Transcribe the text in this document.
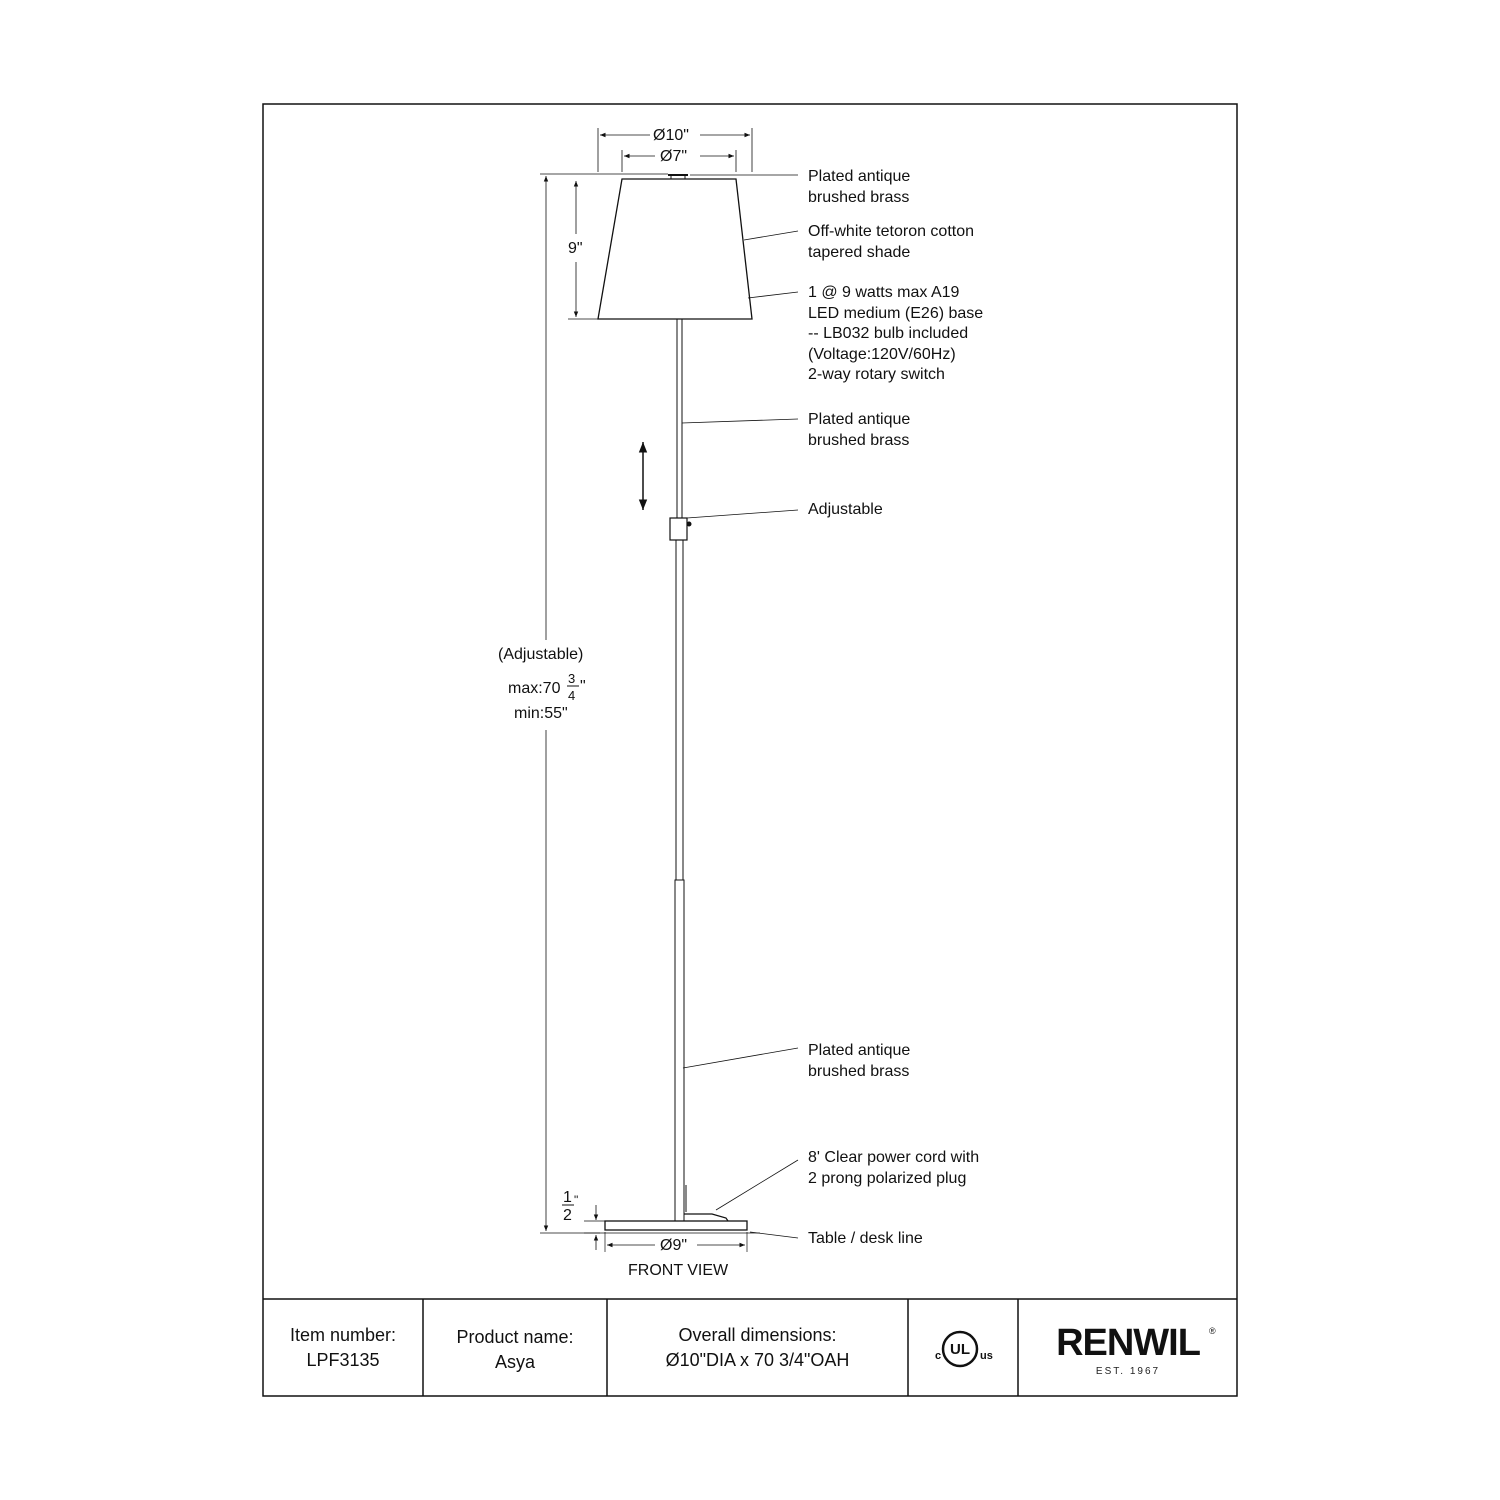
Ø10"
Ø7"
9"
(Adjustable)
max:70
3
4
"
min:55"
1
2
"
Ø9"
FRONT VIEW
Plated antique
brushed brass
Off-white tetoron cotton
tapered shade
1 @ 9 watts max A19
LED medium (E26) base
-- LB032 bulb included
(Voltage:120V/60Hz)
2-way rotary switch
Plated antique
brushed brass
Adjustable
Plated antique
brushed brass
8' Clear power cord with
2 prong polarized plug
Table / desk line
Item number:
LPF3135
Product name:
Asya
Overall dimensions:
Ø10"DIA x 70 3/4"OAH	c UL us	RENWIL	®
EST. 1967
